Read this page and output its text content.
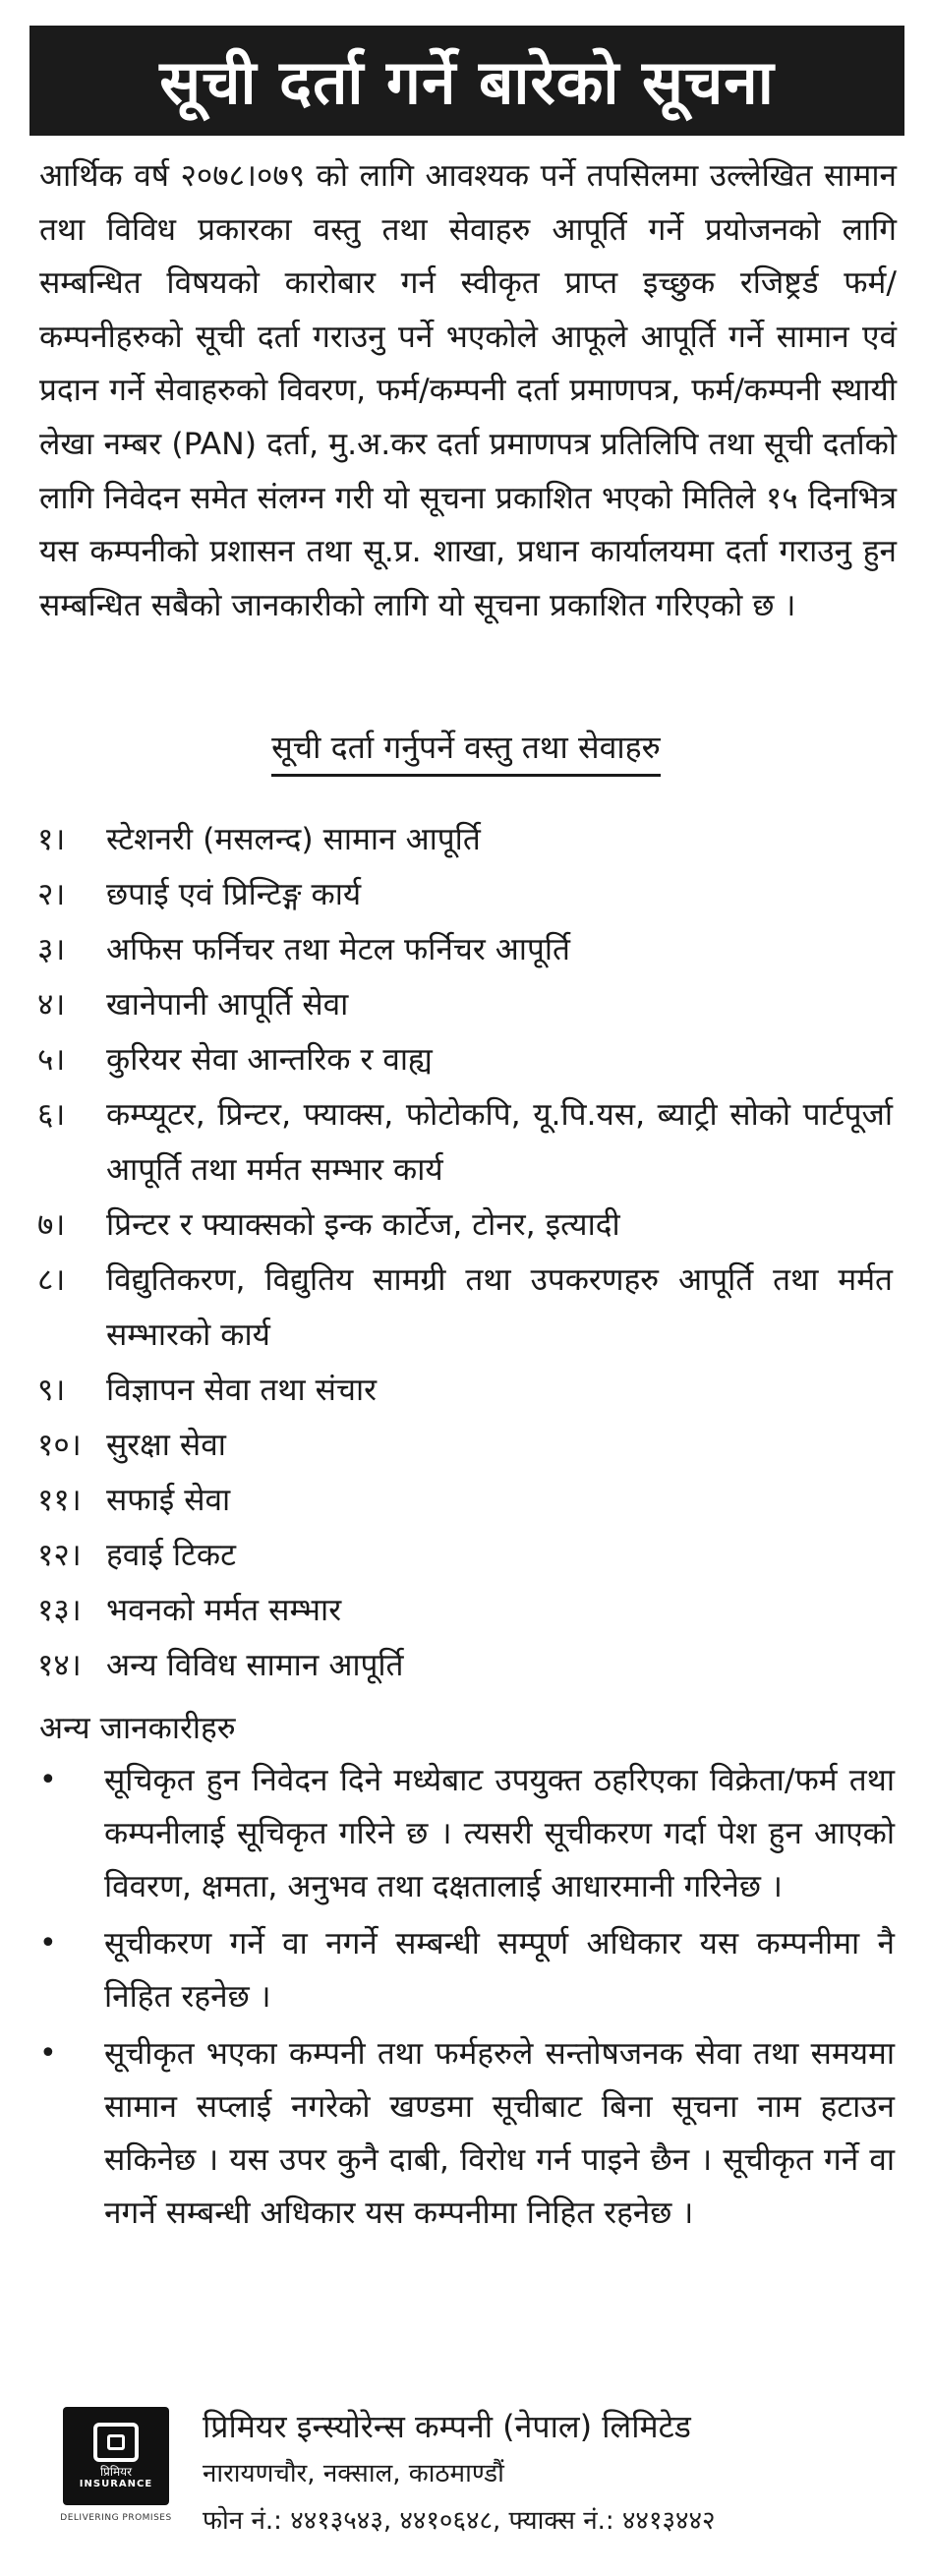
सूची दर्ता गर्ने बारेको सूचना

आर्थिक वर्ष २०७८।०७९ को लागि आवश्यक पर्ने तपसिलमा उल्लेखित सामान तथा विविध प्रकारका वस्तु तथा सेवाहरु आपूर्ति गर्ने प्रयोजनको लागि सम्बन्धित विषयको कारोबार गर्न स्वीकृत प्राप्त इच्छुक रजिष्ट्रर्ड फर्म/कम्पनीहरुको सूची दर्ता गराउनु पर्ने भएकोले आफूले आपूर्ति गर्ने सामान एवं प्रदान गर्ने सेवाहरुको विवरण, फर्म/कम्पनी दर्ता प्रमाणपत्र, फर्म/कम्पनी स्थायी लेखा नम्बर (PAN) दर्ता, मु.अ.कर दर्ता प्रमाणपत्र प्रतिलिपि तथा सूची दर्ताको लागि निवेदन समेत संलग्न गरी यो सूचना प्रकाशित भएको मितिले १५ दिनभित्र यस कम्पनीको प्रशासन तथा सू.प्र. शाखा, प्रधान कार्यालयमा दर्ता गराउनु हुन सम्बन्धित सबैको जानकारीको लागि यो सूचना प्रकाशित गरिएको छ ।

सूची दर्ता गर्नुपर्ने वस्तु तथा सेवाहरु
१।	स्टेशनरी (मसलन्द) सामान आपूर्ति
२।	छपाई एवं प्रिन्टिङ्ग कार्य
३।	अफिस फर्निचर तथा मेटल फर्निचर आपूर्ति
४।	खानेपानी आपूर्ति सेवा
५।	कुरियर सेवा आन्तरिक र वाह्य
६।	कम्प्यूटर, प्रिन्टर, फ्याक्स, फोटोकपि, यू.पि.यस, ब्याट्री सोको पार्टपूर्जा आपूर्ति तथा मर्मत सम्भार कार्य
७।	प्रिन्टर र फ्याक्सको इन्क कार्टेज, टोनर, इत्यादी
८।	विद्युतिकरण, विद्युतिय सामग्री तथा उपकरणहरु आपूर्ति तथा मर्मत सम्भारको कार्य
९।	विज्ञापन सेवा तथा संचार
१०। सुरक्षा सेवा
११। सफाई सेवा
१२। हवाई टिकट
१३। भवनको मर्मत सम्भार
१४। अन्य विविध सामान आपूर्ति
अन्य जानकारीहरु
•	सूचिकृत हुन निवेदन दिने मध्येबाट उपयुक्त ठहरिएका विक्रेता/फर्म तथा कम्पनीलाई सूचिकृत गरिने छ । त्यसरी सूचीकरण गर्दा पेश हुन आएको विवरण, क्षमता, अनुभव तथा दक्षतालाई आधारमानी गरिनेछ ।
•	सूचीकरण गर्ने वा नगर्ने सम्बन्धी सम्पूर्ण अधिकार यस कम्पनीमा नै निहित रहनेछ ।
•	सूचीकृत भएका कम्पनी तथा फर्महरुले सन्तोषजनक सेवा तथा समयमा सामान सप्लाई नगरेको खण्डमा सूचीबाट बिना सूचना नाम हटाउन सकिनेछ । यस उपर कुनै दाबी, विरोध गर्न पाइने छैन । सूचीकृत गर्ने वा नगर्ने सम्बन्धी अधिकार यस कम्पनीमा निहित रहनेछ ।
प्रिमियर
INSURANCE
DELIVERING PROMISES
प्रिमियर इन्स्योरेन्स कम्पनी (नेपाल) लिमिटेड
नारायणचौर, नक्साल, काठमाण्डौं
फोन नं.: ४४१३५४३, ४४१०६४८, फ्याक्स नं.: ४४१३४४२
